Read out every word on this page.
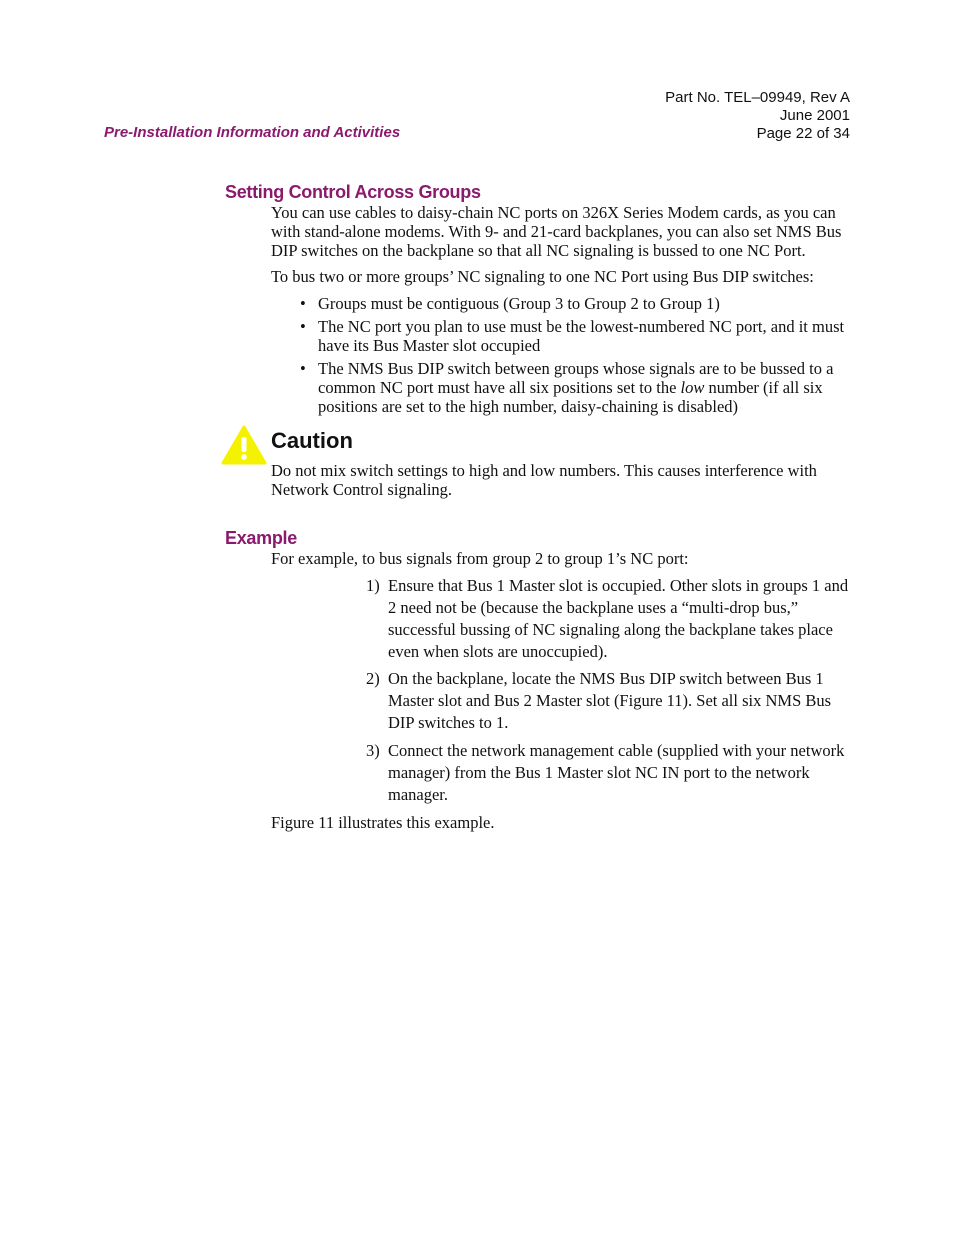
Part No. TEL–09949, Rev A
June 2001
Page 22 of 34
Pre-Installation Information and Activities
Setting Control Across Groups

You can use cables to daisy-chain NC ports on 326X Series Modem cards, as you can with stand-alone modems. With 9- and 21-card backplanes, you can also set NMS Bus DIP switches on the backplane so that all NC signaling is bussed to one NC Port.

To bus two or more groups’ NC signaling to one NC Port using Bus DIP switches:

• Groups must be contiguous (Group 3 to Group 2 to Group 1)
• The NC port you plan to use must be the lowest-numbered NC port, and it must have its Bus Master slot occupied
• The NMS Bus DIP switch between groups whose signals are to be bussed to a common NC port must have all six positions set to the low number (if all six positions are set to the high number, daisy-chaining is disabled)
Caution

Do not mix switch settings to high and low numbers. This causes interference with Network Control signaling.

Example

For example, to bus signals from group 2 to group 1’s NC port:

1) Ensure that Bus 1 Master slot is occupied. Other slots in groups 1 and 2 need not be (because the backplane uses a “multi-drop bus,” successful bussing of NC signaling along the backplane takes place even when slots are unoccupied).
2) On the backplane, locate the NMS Bus DIP switch between Bus 1 Master slot and Bus 2 Master slot (Figure 11). Set all six NMS Bus DIP switches to 1.
3) Connect the network management cable (supplied with your network manager) from the Bus 1 Master slot NC IN port to the network manager.

Figure 11 illustrates this example.
